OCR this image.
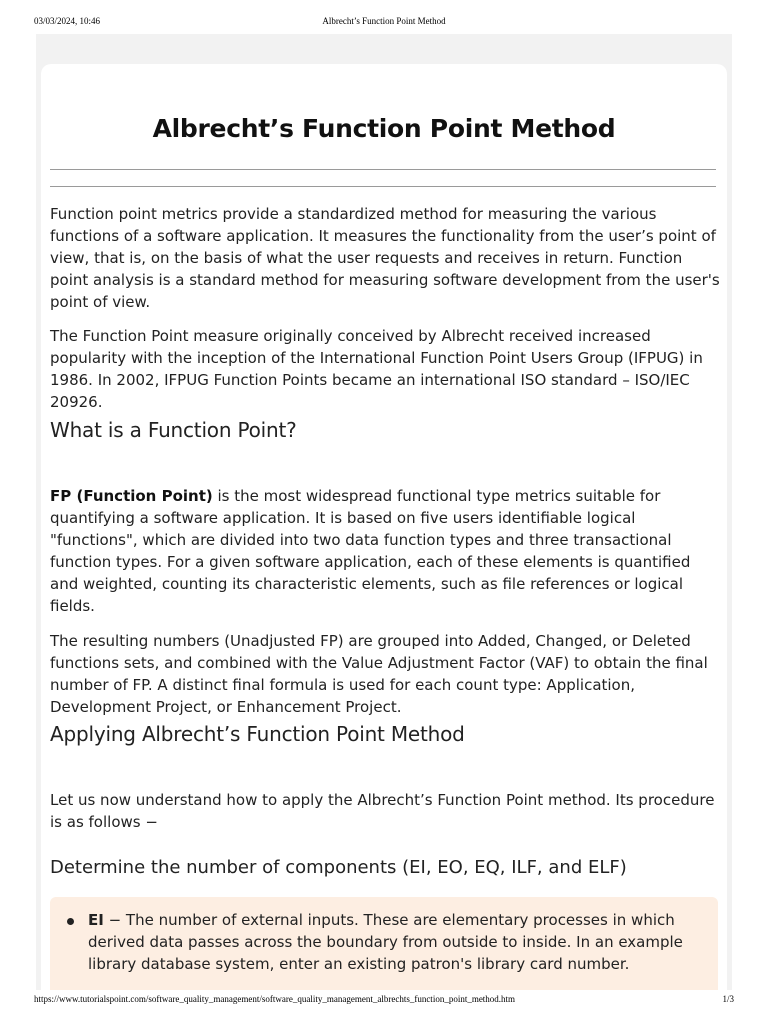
03/03/2024, 10:46	Albrecht’s Function Point Method
Albrecht’s Function Point Method

Function point metrics provide a standardized method for measuring the various functions of a software application. It measures the functionality from the user’s point of view, that is, on the basis of what the user requests and receives in return. Function point analysis is a standard method for measuring software development from the user's point of view.

The Function Point measure originally conceived by Albrecht received increased popularity with the inception of the International Function Point Users Group (IFPUG) in 1986. In 2002, IFPUG Function Points became an international ISO standard – ISO/IEC 20926.

What is a Function Point?

FP (Function Point) is the most widespread functional type metrics suitable for quantifying a software application. It is based on five users identifiable logical "functions", which are divided into two data function types and three transactional function types. For a given software application, each of these elements is quantified and weighted, counting its characteristic elements, such as file references or logical fields.

The resulting numbers (Unadjusted FP) are grouped into Added, Changed, or Deleted functions sets, and combined with the Value Adjustment Factor (VAF) to obtain the final number of FP. A distinct final formula is used for each count type: Application, Development Project, or Enhancement Project.

Applying Albrecht’s Function Point Method

Let us now understand how to apply the Albrecht’s Function Point method. Its procedure is as follows −

Determine the number of components (EI, EO, EQ, ILF, and ELF)
EI − The number of external inputs. These are elementary processes in which derived data passes across the boundary from outside to inside. In an example library database system, enter an existing patron's library card number.
https://www.tutorialspoint.com/software_quality_management/software_quality_management_albrechts_function_point_method.htm	1/3
